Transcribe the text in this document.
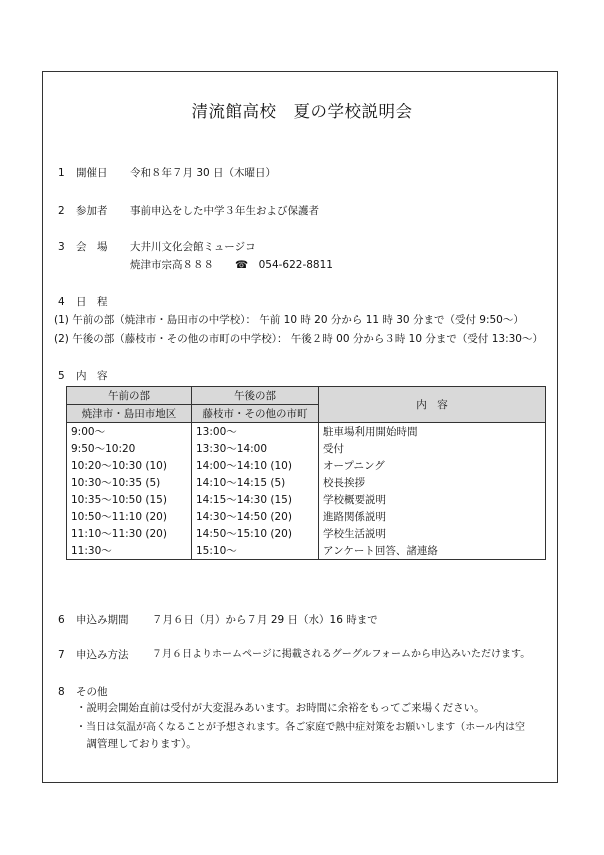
清流館高校　夏の学校説明会
1 開催日 令和８年７月 30 日（木曜日）
2 参加者 事前申込をした中学３年生および保護者
3 会　場 大井川文化会館ミュージコ
焼津市宗高８８８　　☎　054-622-8811
4 日　程
(1) 午前の部（焼津市・島田市の中学校）： 午前 10 時 20 分から 11 時 30 分まで（受付 9:50～）
(2) 午後の部（藤枝市・その他の市町の中学校）： 午後２時 00 分から３時 10 分まで（受付 13:30～）
5 内　容
午前の部	午後の部	内　容
焼津市・島田市地区	藤枝市・その他の市町	
9:00～	13:00～	駐車場利用開始時間
9:50～10:20	13:30～14:00	受付
10:20～10:30 (10)	14:00～14:10 (10)	オープニング
10:30～10:35 (5)	14:10～14:15 (5)	校長挨拶
10:35～10:50 (15)	14:15～14:30 (15)	学校概要説明
10:50～11:10 (20)	14:30～14:50 (20)	進路関係説明
11:10～11:30 (20)	14:50～15:10 (20)	学校生活説明
11:30～	15:10～	アンケート回答、諸連絡
6 申込み期間 ７月６日（月）から７月 29 日（水）16 時まで
7 申込み方法 ７月６日よりホームページに掲載されるグーグルフォームから申込みいただけます。
8 その他
・説明会開始直前は受付が大変混みあいます。お時間に余裕をもってご来場ください。
・当日は気温が高くなることが予想されます。各ご家庭で熱中症対策をお願いします（ホール内は空
　調管理しております）。
